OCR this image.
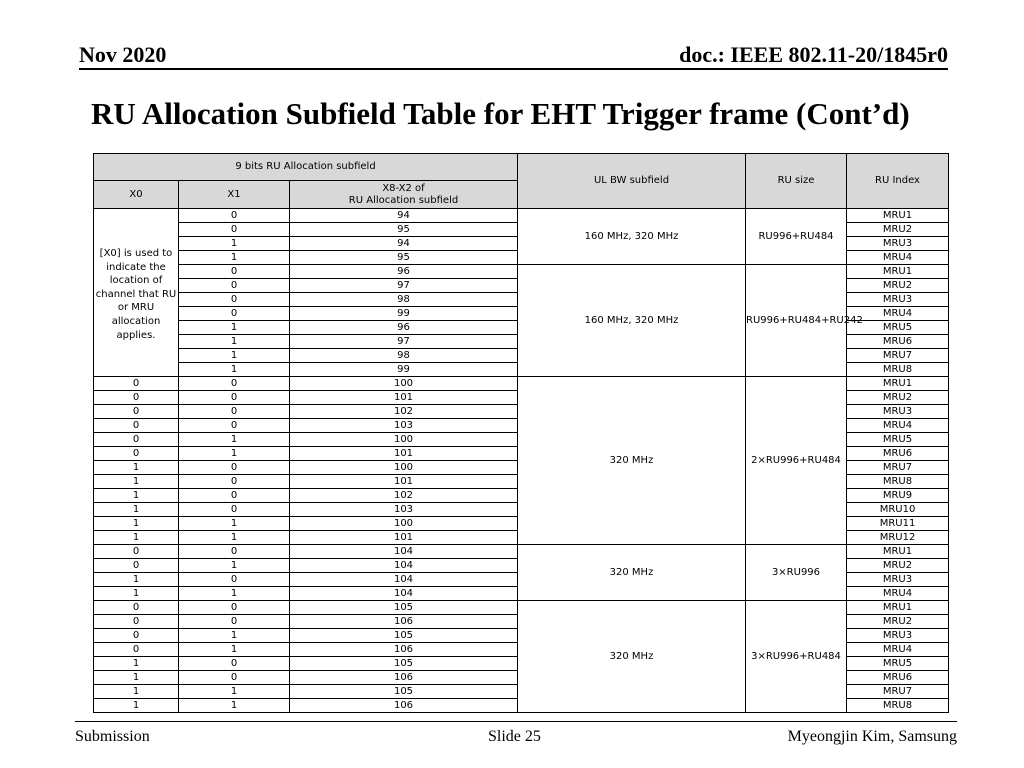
Nov 2020	doc.: IEEE 802.11-20/1845r0
RU Allocation Subfield Table for EHT Trigger frame (Cont’d)
9 bits RU Allocation subfield			UL BW subfield	RU size	RU Index
X0	X1	X8-X2 of
RU Allocation subfield			
[X0] is used to indicate the location of channel that RU or MRU allocation applies.	0	94	160 MHz, 320 MHz	RU996+RU484	MRU1
	0	95			MRU2
	1	94			MRU3
	1	95			MRU4
	0	96	160 MHz, 320 MHz	RU996+RU484+RU242	MRU1
	0	97			MRU2
	0	98			MRU3
	0	99			MRU4
	1	96			MRU5
	1	97			MRU6
	1	98			MRU7
	1	99			MRU8
0	0	100	320 MHz	2×RU996+RU484	MRU1
0	0	101			MRU2
0	0	102			MRU3
0	0	103			MRU4
0	1	100			MRU5
0	1	101			MRU6
1	0	100			MRU7
1	0	101			MRU8
1	0	102			MRU9
1	0	103			MRU10
1	1	100			MRU11
1	1	101			MRU12
0	0	104	320 MHz	3×RU996	MRU1
0	1	104			MRU2
1	0	104			MRU3
1	1	104			MRU4
0	0	105	320 MHz	3×RU996+RU484	MRU1
0	0	106			MRU2
0	1	105			MRU3
0	1	106			MRU4
1	0	105			MRU5
1	0	106			MRU6
1	1	105			MRU7
1	1	106			MRU8
Submission	Slide 25	Myeongjin Kim, Samsung
